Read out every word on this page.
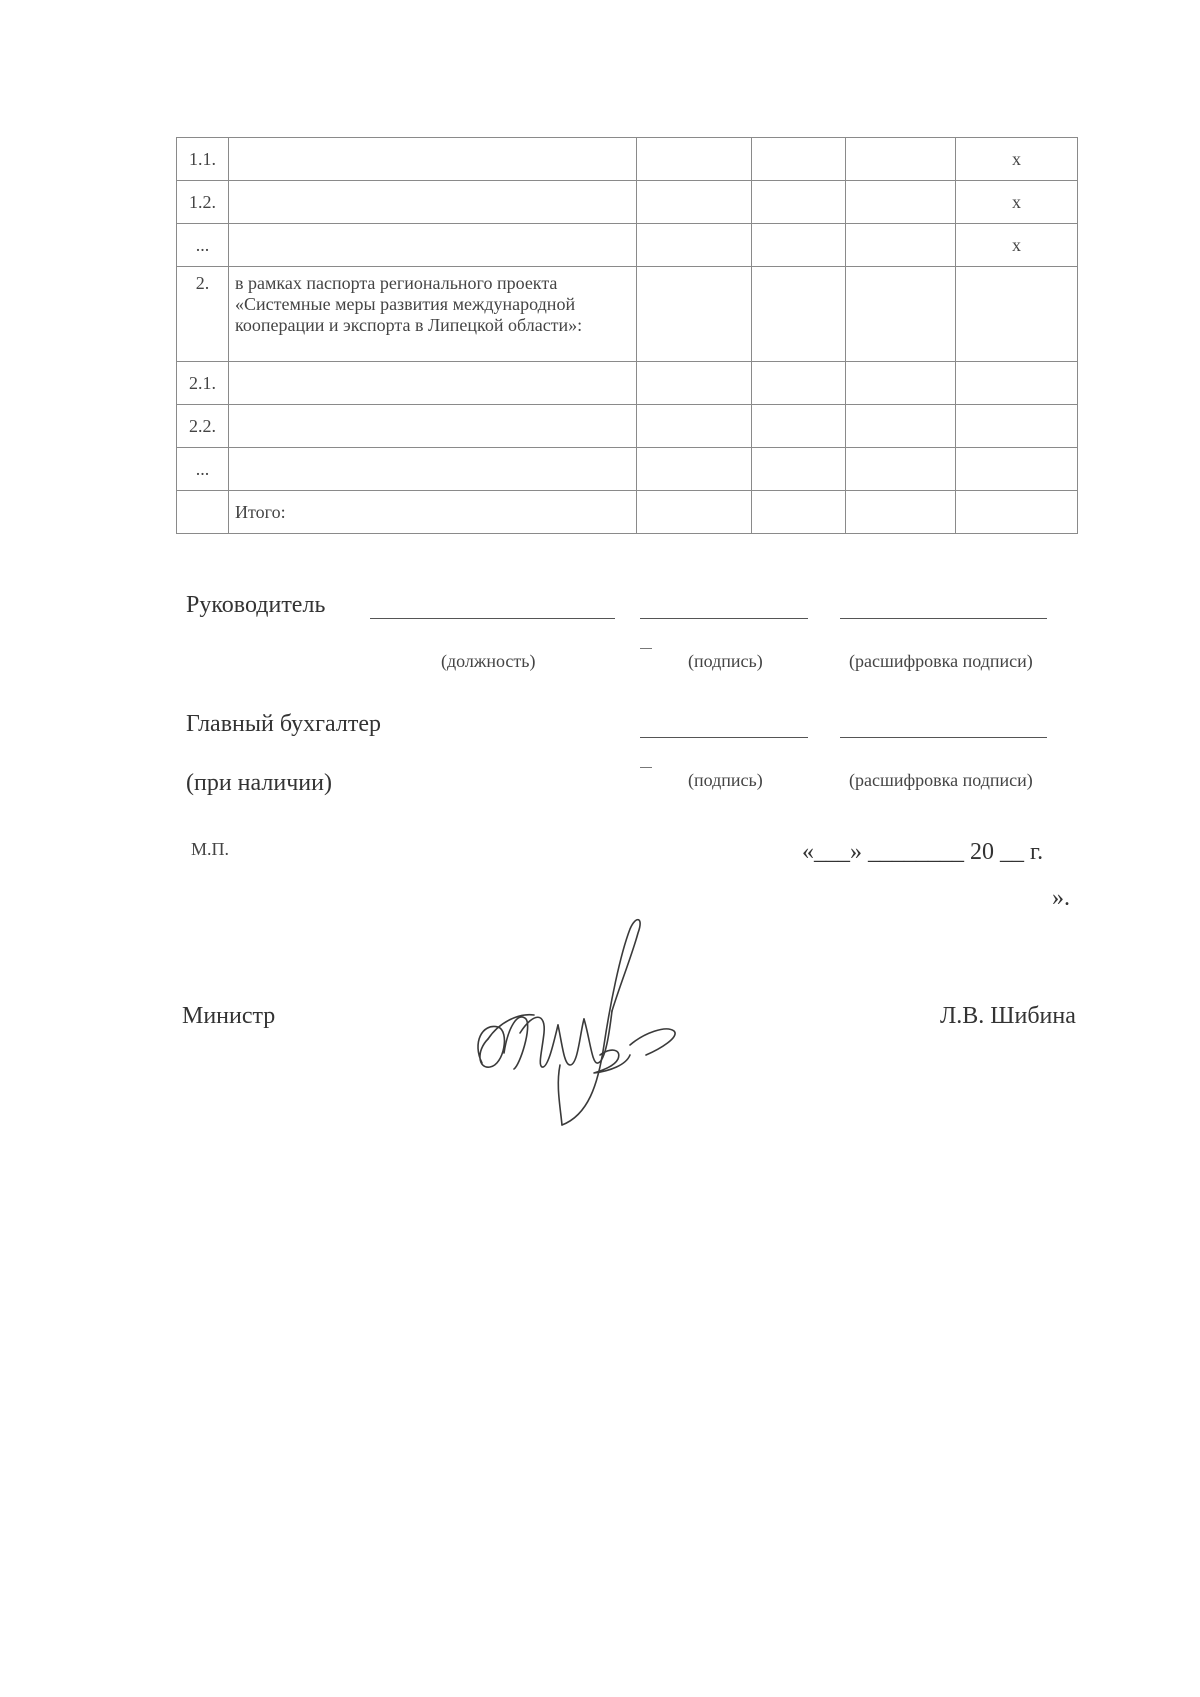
1.1.					x
1.2.					x
...					x
2.	в рамках паспорта регионального проекта «Системные меры развития международной кооперации и экспорта в Липецкой области»:				
2.1.					
2.2.					
...					
	Итого:				
Руководитель
(должность)	(подпись)	(расшифровка подписи)
Главный бухгалтер
(при наличии)	(подпись)	(расшифровка подписи)
М.П.	«___» ________ 20 __ г.
».
Министр	Л.В. Шибина
